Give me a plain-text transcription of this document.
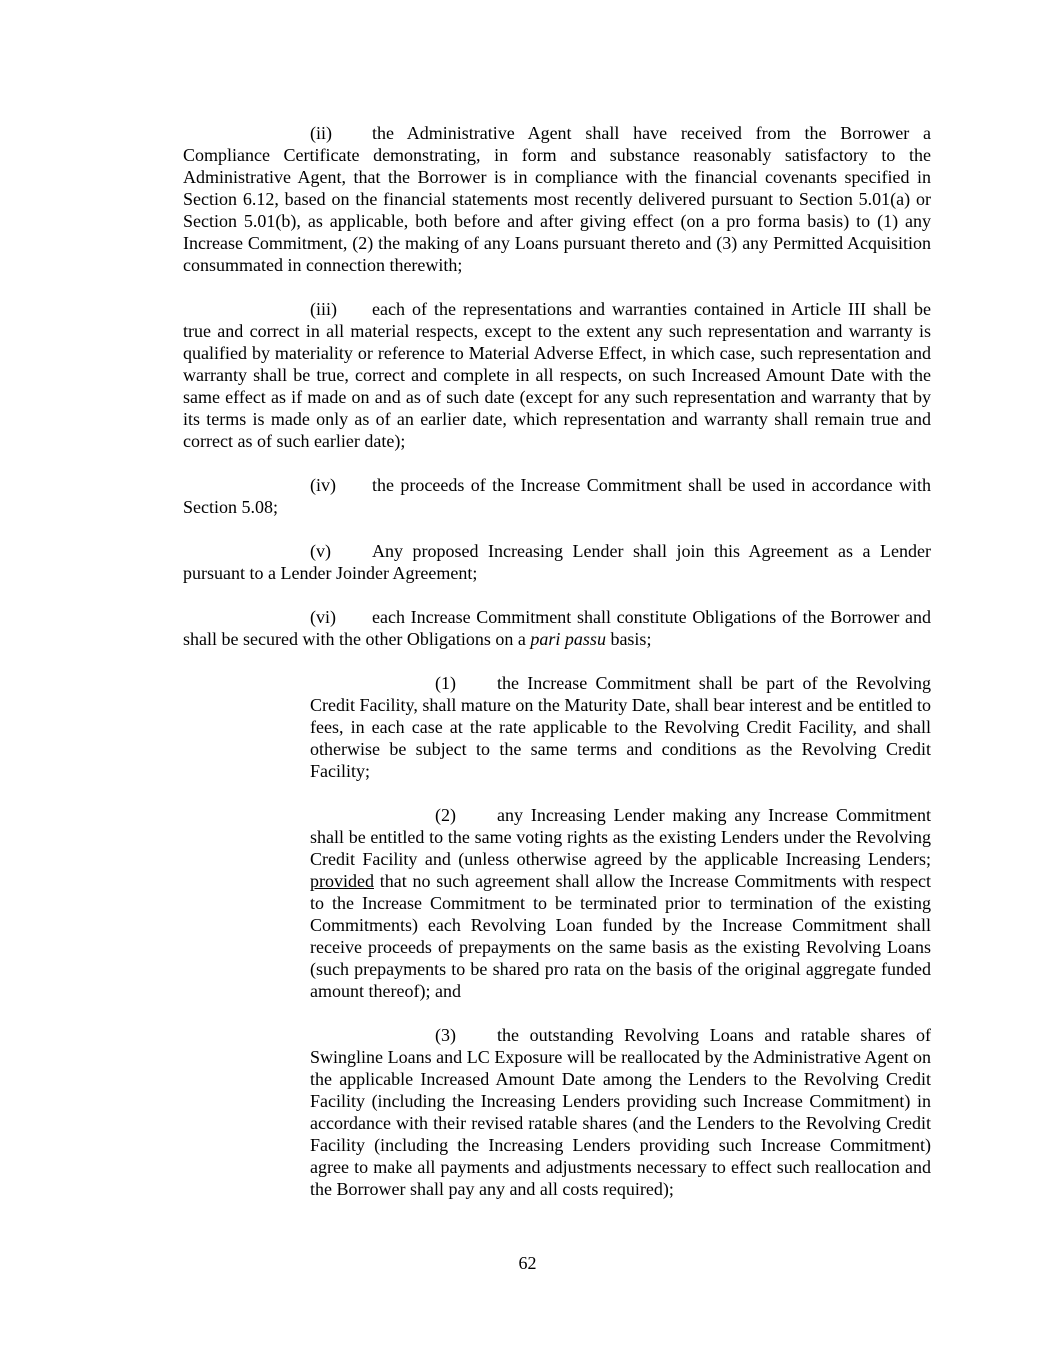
(ii) the Administrative Agent shall have received from the Borrower a Compliance Certificate demonstrating, in form and substance reasonably satisfactory to the Administrative Agent, that the Borrower is in compliance with the financial covenants specified in Section 6.12, based on the financial statements most recently delivered pursuant to Section 5.01(a) or Section 5.01(b), as applicable, both before and after giving effect (on a pro forma basis) to (1) any Increase Commitment, (2) the making of any Loans pursuant thereto and (3) any Permitted Acquisition consummated in connection therewith;

(iii) each of the representations and warranties contained in Article III shall be true and correct in all material respects, except to the extent any such representation and warranty is qualified by materiality or reference to Material Adverse Effect, in which case, such representation and warranty shall be true, correct and complete in all respects, on such Increased Amount Date with the same effect as if made on and as of such date (except for any such representation and warranty that by its terms is made only as of an earlier date, which representation and warranty shall remain true and correct as of such earlier date);

(iv) the proceeds of the Increase Commitment shall be used in accordance with Section 5.08;

(v) Any proposed Increasing Lender shall join this Agreement as a Lender pursuant to a Lender Joinder Agreement;

(vi) each Increase Commitment shall constitute Obligations of the Borrower and shall be secured with the other Obligations on a pari passu basis;

(1) the Increase Commitment shall be part of the Revolving Credit Facility, shall mature on the Maturity Date, shall bear interest and be entitled to fees, in each case at the rate applicable to the Revolving Credit Facility, and shall otherwise be subject to the same terms and conditions as the Revolving Credit Facility;

(2) any Increasing Lender making any Increase Commitment shall be entitled to the same voting rights as the existing Lenders under the Revolving Credit Facility and (unless otherwise agreed by the applicable Increasing Lenders; provided that no such agreement shall allow the Increase Commitments with respect to the Increase Commitment to be terminated prior to termination of the existing Commitments) each Revolving Loan funded by the Increase Commitment shall receive proceeds of prepayments on the same basis as the existing Revolving Loans (such prepayments to be shared pro rata on the basis of the original aggregate funded amount thereof); and

(3) the outstanding Revolving Loans and ratable shares of Swingline Loans and LC Exposure will be reallocated by the Administrative Agent on the applicable Increased Amount Date among the Lenders to the Revolving Credit Facility (including the Increasing Lenders providing such Increase Commitment) in accordance with their revised ratable shares (and the Lenders to the Revolving Credit Facility (including the Increasing Lenders providing such Increase Commitment) agree to make all payments and adjustments necessary to effect such reallocation and the Borrower shall pay any and all costs required);

62
